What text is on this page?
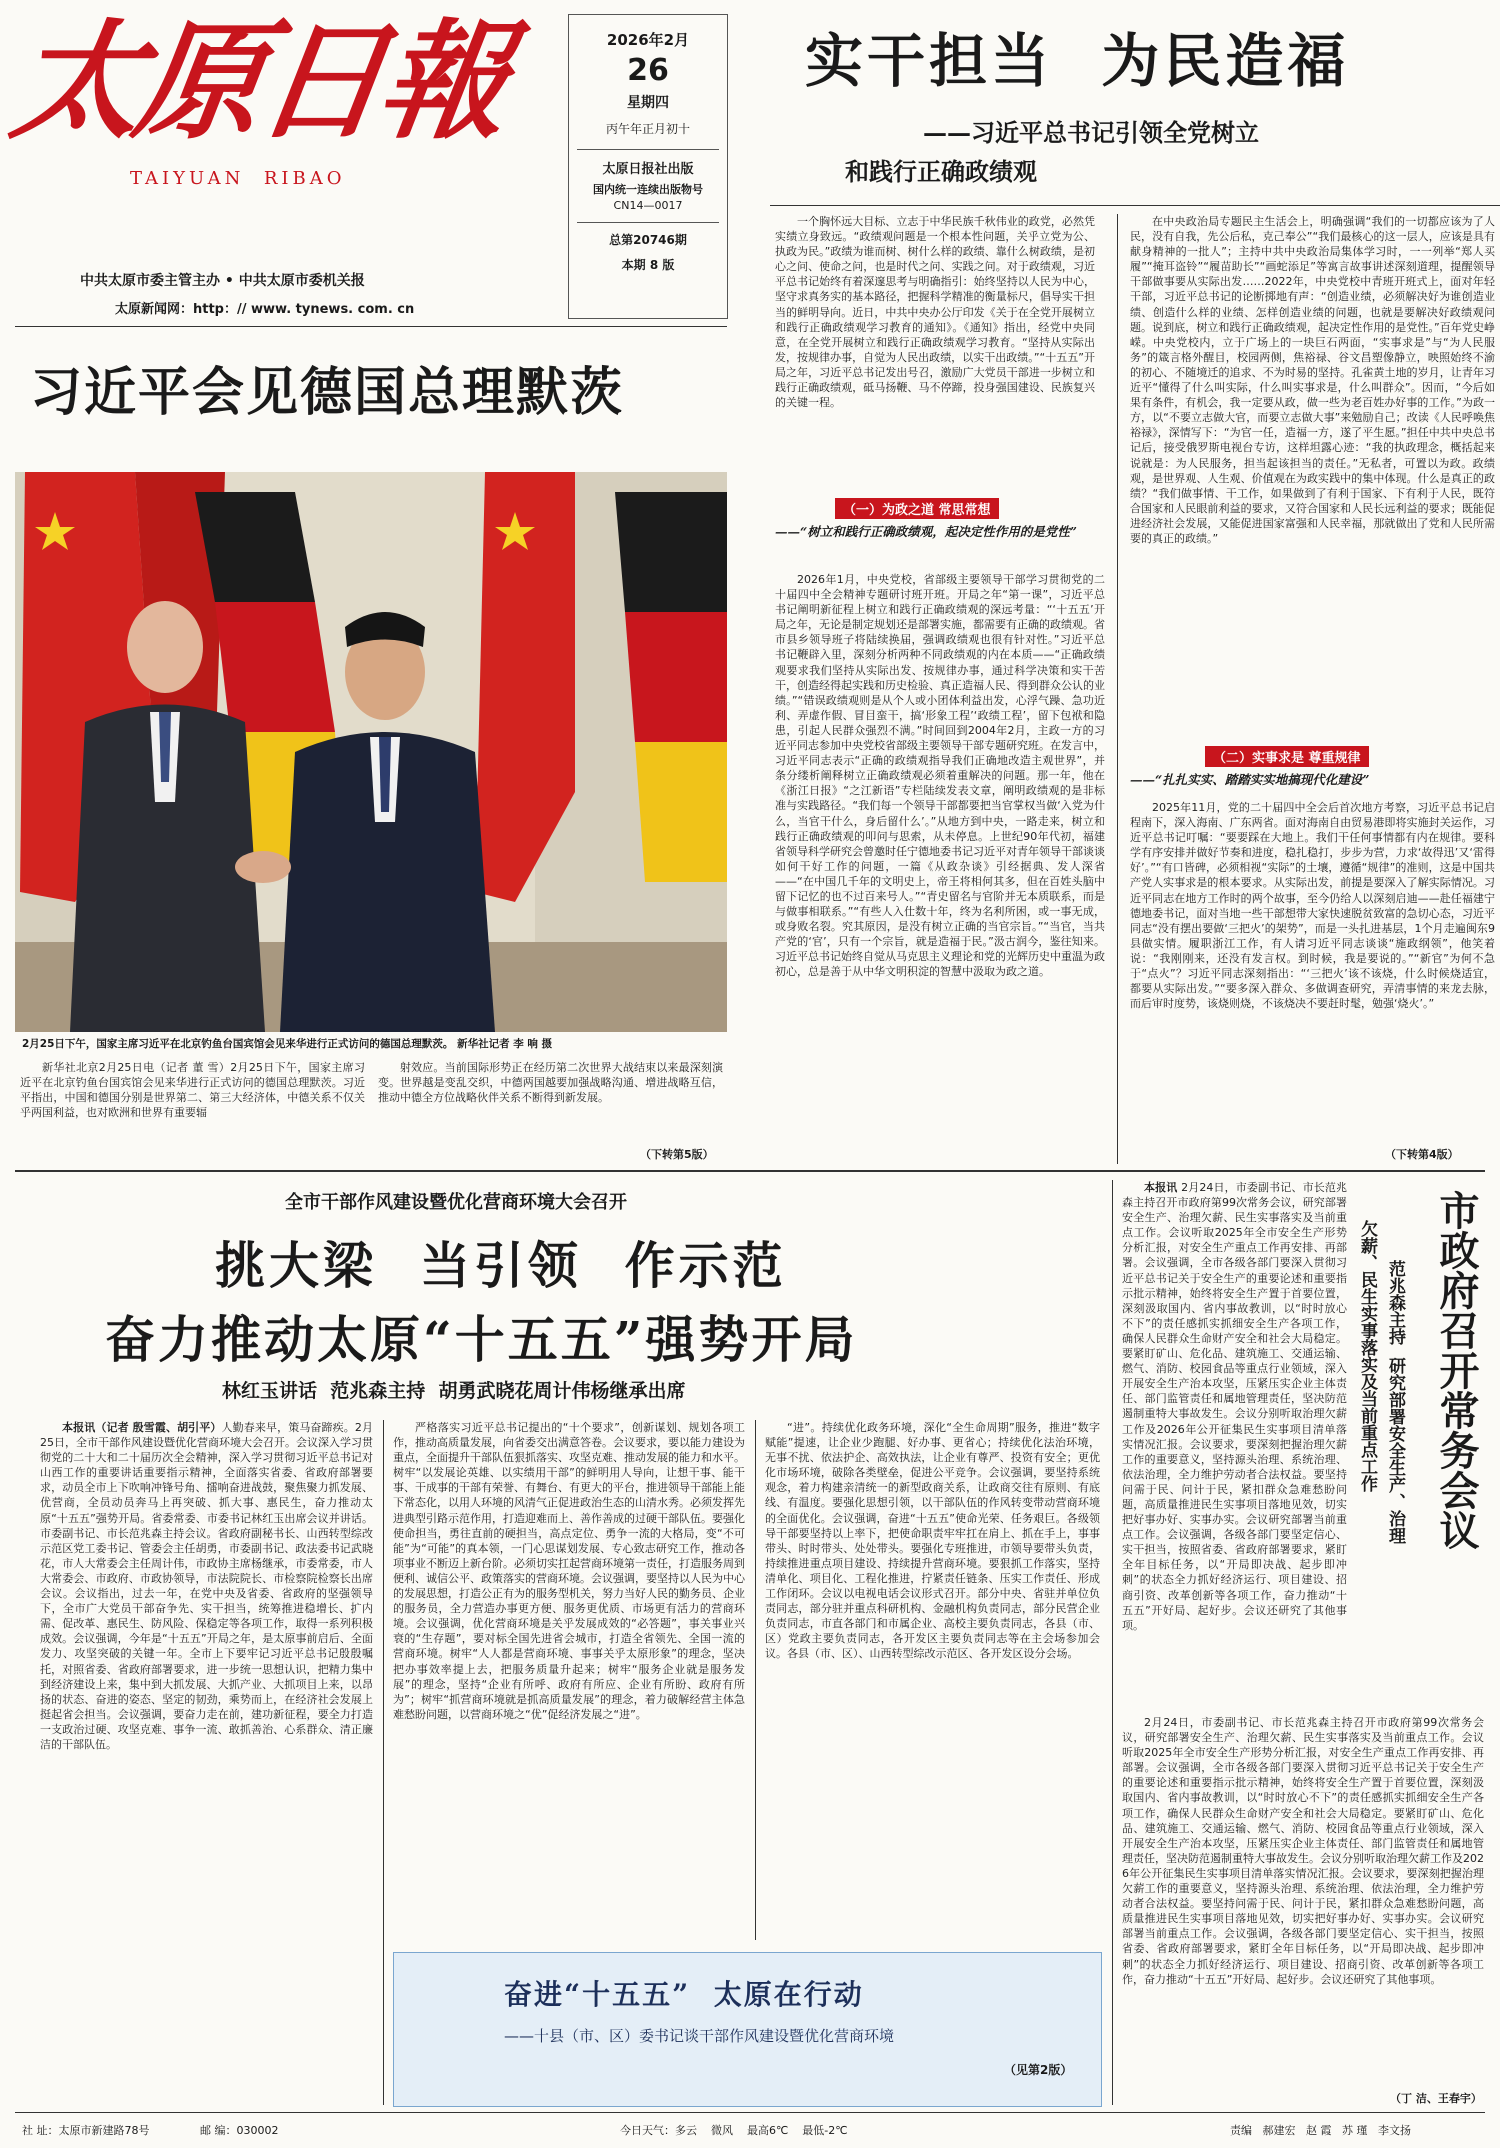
太原日報
TAIYUAN  RIBAO
中共太原市委主管主办 • 中共太原市委机关报
太原新闻网：http：// www. tynews. com. cn
2026年2月
26
星期四
丙午年正月初十
太原日报社出版
国内统一连续出版物号
CN14—0017
总第20746期
本期 8 版
实干担当  为民造福
——习近平总书记引领全党树立
和践行正确政绩观

一个胸怀远大目标、立志于中华民族千秋伟业的政党，必然凭实绩立身致远。“政绩观问题是一个根本性问题，关乎立党为公、执政为民。”政绩为谁而树、树什么样的政绩、靠什么树政绩，是初心之问、使命之问，也是时代之问、实践之问。对于政绩观，习近平总书记始终有着深邃思考与明确指引：始终坚持以人民为中心，坚守求真务实的基本路径，把握科学精准的衡量标尺，倡导实干担当的鲜明导向。近日，中共中央办公厅印发《关于在全党开展树立和践行正确政绩观学习教育的通知》。《通知》指出，经党中央同意，在全党开展树立和践行正确政绩观学习教育。“坚持从实际出发，按规律办事，自觉为人民出政绩，以实干出政绩。”“十五五”开局之年，习近平总书记发出号召，激励广大党员干部进一步树立和践行正确政绩观，砥马扬鞭、马不停蹄，投身强国建设、民族复兴的关键一程。

（一）为政之道 常思常想
——“树立和践行正确政绩观，起决定性作用的是党性”

2026年1月，中央党校，省部级主要领导干部学习贯彻党的二十届四中全会精神专题研讨班开班。开局之年“第一课”，习近平总书记阐明新征程上树立和践行正确政绩观的深远考量：“‘十五五’开局之年，无论是制定规划还是部署实施，都需要有正确的政绩观。省市县乡领导班子将陆续换届，强调政绩观也很有针对性。”习近平总书记鞭辟入里，深刻分析两种不同政绩观的内在本质——“正确政绩观要求我们坚持从实际出发、按规律办事，通过科学决策和实干苦干，创造经得起实践和历史检验、真正造福人民、得到群众公认的业绩。”“错误政绩观则是从个人或小团体利益出发，心浮气躁、急功近利、弄虚作假、冒目蛮干，搞‘形象工程’‘政绩工程’，留下包袱和隐患，引起人民群众强烈不满。”时间回到2004年2月，主政一方的习近平同志参加中央党校省部级主要领导干部专题研究班。在发言中，习近平同志表示“正确的政绩观指导我们正确地改造主观世界”，并条分缕析阐释树立正确政绩观必须着重解决的问题。那一年，他在《浙江日报》“之江新语”专栏陆续发表文章，阐明政绩观的是非标准与实践路径。“我们每一个领导干部都要把当官掌权当做‘入党为什么，当官干什么，身后留什么’。”从地方到中央，一路走来，树立和践行正确政绩观的叩问与思索，从未停息。上世纪90年代初，福建省领导科学研究会曾邀时任宁德地委书记习近平对青年领导干部谈谈如何干好工作的问题，一篇《从政杂谈》引经据典、发人深省——“在中国几千年的文明史上，帝王将相何其多，但在百姓头脑中留下记忆的也不过百来号人。”“青史留名与官阶并无本质联系，而是与做事相联系。”“有些人入仕数十年，终为名利所困，或一事无成，或身败名裂。究其原因，是没有树立正确的当官宗旨。”“当官，当共产党的‘官’，只有一个宗旨，就是造福于民。”汲古润今，鉴往知来。习近平总书记始终自觉从马克思主义理论和党的光辉历史中重温为政初心，总是善于从中华文明积淀的智慧中汲取为政之道。

在中央政治局专题民主生活会上，明确强调“我们的一切都应该为了人民，没有自我，先公后私，克己奉公”“我们最核心的这一层人，应该是具有献身精神的一批人”；主持中共中央政治局集体学习时，一一列举“郑人买履”“掩耳盗铃”“履苗助长”“画蛇添足”等寓言故事讲述深刻道理，提醒领导干部做事要从实际出发……2022年，中央党校中青班开班式上，面对年轻干部，习近平总书记的论断掷地有声：“创造业绩，必须解决好为谁创造业绩、创造什么样的业绩、怎样创造业绩的问题，也就是要解决好政绩观问题。说到底，树立和践行正确政绩观，起决定性作用的是党性。”百年党史峥嵘。中央党校内，立于广场上的一块巨石两面，“实事求是”与“为人民服务”的箴言格外醒目，校园两侧，焦裕禄、谷文昌塑像静立，映照始终不渝的初心、不随境迁的追求、不为时易的坚持。孔雀黄土地的岁月，让青年习近平“懂得了什么叫实际，什么叫实事求是，什么叫群众”。因而，“今后如果有条件，有机会，我一定要从政，做一些为老百姓办好事的工作。”为政一方，以“不要立志做大官，而要立志做大事”来勉励自己；改读《人民呼唤焦裕禄》，深情写下：“为官一任，造福一方，遂了平生愿。”担任中共中央总书记后，接受俄罗斯电视台专访，这样坦露心迹：“我的执政理念，概括起来说就是：为人民服务，担当起该担当的责任。”无私者，可置以为政。政绩观，是世界观、人生观、价值观在为政实践中的集中体现。什么是真正的政绩？“我们做事情、干工作，如果做到了有利于国家、下有利于人民，既符合国家和人民眼前利益的要求，又符合国家和人民长远利益的要求；既能促进经济社会发展，又能促进国家富强和人民幸福，那就做出了党和人民所需要的真正的政绩。”

（二）实事求是 尊重规律
——“扎扎实实、踏踏实实地搞现代化建设”

2025年11月，党的二十届四中全会后首次地方考察，习近平总书记启程南下，深入海南、广东两省。面对海南自由贸易港即将实施封关运作，习近平总书记叮嘱：“要要踩在大地上。我们干任何事情都有内在规律。要科学有序安排并做好节奏和进度，稳扎稳打，步步为营，力求‘故得迅’又‘雷得好’。”“有口皆碑，必须相视“实际”的土壤，遵循“规律”的准则，这是中国共产党人实事求是的根本要求。从实际出发，前提是要深入了解实际情况。习近平同志在地方工作时的两个故事，至今仍给人以深刻启迪——赴任福建宁德地委书记，面对当地一些干部想带大家快速脱贫致富的急切心态，习近平同志“没有摆出要做‘三把火’的架势”，而是一头扎进基层，1个月走遍闽东9县做实情。履职浙江工作，有人请习近平同志谈谈“施政纲领”，他笑着说：“我刚刚来，还没有发言权。到时候，我是要说的。”“新官”为何不急于“点火”？习近平同志深刻指出：“‘三把火’该不该烧，什么时候烧适宜，都要从实际出发。”“要多深入群众、多做调查研究，弄清事情的来龙去脉，而后审时度势，该烧则烧，不该烧决不要赶时髦，勉强‘烧火’。”

（下转第4版）
习近平会见德国总理默茨
2月25日下午，国家主席习近平在北京钓鱼台国宾馆会见来华进行正式访问的德国总理默茨。 新华社记者 李 响 摄

新华社北京2月25日电（记者 董 雪）2月25日下午，国家主席习近平在北京钓鱼台国宾馆会见来华进行正式访问的德国总理默茨。习近平指出，中国和德国分别是世界第二、第三大经济体，中德关系不仅关乎两国利益，也对欧洲和世界有重要辐

射效应。当前国际形势正在经历第二次世界大战结束以来最深刻演变。世界越是变乱交织，中德两国越要加强战略沟通、增进战略互信，推动中德全方位战略伙伴关系不断得到新发展。

（下转第5版）
全市干部作风建设暨优化营商环境大会召开
挑大梁  当引领  作示范
奋力推动太原“十五五”强势开局
林红玉讲话  范兆森主持  胡勇武晓花周计伟杨继承出席

本报讯（记者 殷雪霞、胡引平）人勤春来早，策马奋蹄疾。2月25日，全市干部作风建设暨优化营商环境大会召开。会议深入学习贯彻党的二十大和二十届历次全会精神，深入学习贯彻习近平总书记对山西工作的重要讲话重要指示精神，全面落实省委、省政府部署要求，动员全市上下吹响冲锋号角、擂响奋进战鼓，聚焦聚力抓发展、优营商，全员动员奔马上再突破、抓大事、惠民生，奋力推动太原“十五五”强势开局。省委常委、市委书记林红玉出席会议并讲话。市委副书记、市长范兆森主持会议。省政府副秘书长、山西转型综改示范区党工委书记、管委会主任胡勇，市委副书记、政法委书记武晓花，市人大常委会主任周计伟，市政协主席杨继承，市委常委，市人大常委会、市政府、市政协领导，市法院院长、市检察院检察长出席会议。会议指出，过去一年，在党中央及省委、省政府的坚强领导下，全市广大党员干部奋争先、实干担当，统筹推进稳增长、扩内需、促改革、惠民生、防风险、保稳定等各项工作，取得一系列积极成效。会议强调，今年是“十五五”开局之年，是太原事前启后、全面发力、攻坚突破的关键一年。全市上下要牢记习近平总书记殷殷嘱托，对照省委、省政府部署要求，进一步统一思想认识，把精力集中到经济建设上来，集中到大抓发展、大抓产业、大抓项目上来，以昂扬的状态、奋进的姿态、坚定的韧劲，乘势而上，在经济社会发展上挺起省会担当。会议强调，要奋力走在前，建功新征程，要全力打造一支政治过硬、攻坚克难、事争一流、敢抓善治、心系群众、清正廉洁的干部队伍。

严格落实习近平总书记提出的“十个要求”，创新谋划、规划各项工作，推动高质量发展，向省委交出满意答卷。会议要求，要以能力建设为重点，全面提升干部队伍狠抓落实、攻坚克难、推动发展的能力和水平。树牢“以发展论英雄、以实绩用干部”的鲜明用人导向，让想干事、能干事、干成事的干部有荣誉、有舞台、有更大的平台，推进领导干部能上能下常态化，以用人环境的风清气正促进政治生态的山清水秀。必须发挥先进典型引路示范作用，打造迎难而上、善作善成的过硬干部队伍。要强化使命担当，勇往直前的硬担当，高点定位、勇争一流的大格局，变“不可能”为“可能”的真本领，一门心思谋划发展、专心致志研究工作，推动各项事业不断迈上新台阶。必须切实扛起营商环境第一责任，打造服务周到便利、诚信公平、政策落实的营商环境。会议强调，要坚持以人民为中心的发展思想，打造公正有为的服务型机关，努力当好人民的勤务员、企业的服务员，全力营造办事更方便、服务更优质、市场更有活力的营商环境。会议强调，优化营商环境是关乎发展成效的“必答题”，事关事业兴衰的“生存题”，要对标全国先进省会城市，打造全省领先、全国一流的营商环境。树牢“人人都是营商环境、事事关乎太原形象”的理念，坚决把办事效率提上去，把服务质量升起来；树牢“服务企业就是服务发展”的理念，坚持“企业有所呼、政府有所应、企业有所盼、政府有所为”；树牢“抓营商环境就是抓高质量发展”的理念，着力破解经营主体急难愁盼问题，以营商环境之“优”促经济发展之“进”。

“进”。持续优化政务环境，深化“全生命周期”服务，推进“数字赋能”提速，让企业少跑腿、好办事、更省心；持续优化法治环境，无事不扰、依法护企、高效执法，让企业有尊严、投资有安全；更优化市场环境，破除各类壁垒，促进公平竞争。会议强调，要坚持系统观念，着力构建亲清统一的新型政商关系，让政商交往有原则、有底线、有温度。要强化思想引领，以干部队伍的作风转变带动营商环境的全面优化。会议强调，奋进“十五五”使命光荣、任务艰巨。各级领导干部要坚持以上率下，把使命职责牢牢扛在肩上、抓在手上，事事带头、时时带头、处处带头。要强化专班推进，市领导要带头负责，持续推进重点项目建设、持续提升营商环境。要狠抓工作落实，坚持清单化、项目化、工程化推进，拧紧责任链条、压实工作责任、形成工作闭环。会议以电视电话会议形式召开。部分中央、省驻并单位负责同志，部分驻并重点科研机构、金融机构负责同志，部分民营企业负责同志，市直各部门和市属企业、高校主要负责同志，各县（市、区）党政主要负责同志，各开发区主要负责同志等在主会场参加会议。各县（市、区）、山西转型综改示范区、各开发区设分会场。

奋进“十五五”  太原在行动
——十县（市、区）委书记谈干部作风建设暨优化营商环境
（见第2版）
市政府召开常务会议
范兆森主持  研究部署安全生产、治理
欠薪、民生实事落实及当前重点工作

本报讯 2月24日，市委副书记、市长范兆森主持召开市政府第99次常务会议，研究部署安全生产、治理欠薪、民生实事落实及当前重点工作。会议听取2025年全市安全生产形势分析汇报，对安全生产重点工作再安排、再部署。会议强调，全市各级各部门要深入贯彻习近平总书记关于安全生产的重要论述和重要指示批示精神，始终将安全生产置于首要位置，深刻汲取国内、省内事故教训，以“时时放心不下”的责任感抓实抓细安全生产各项工作，确保人民群众生命财产安全和社会大局稳定。要紧盯矿山、危化品、建筑施工、交通运输、燃气、消防、校园食品等重点行业领域，深入开展安全生产治本攻坚，压紧压实企业主体责任、部门监管责任和属地管理责任，坚决防范遏制重特大事故发生。会议分别听取治理欠薪工作及2026年公开征集民生实事项目清单落实情况汇报。会议要求，要深刻把握治理欠薪工作的重要意义，坚持源头治理、系统治理、依法治理，全力维护劳动者合法权益。要坚持问需于民、问计于民，紧扣群众急难愁盼问题，高质量推进民生实事项目落地见效，切实把好事办好、实事办实。会议研究部署当前重点工作。会议强调，各级各部门要坚定信心、实干担当，按照省委、省政府部署要求，紧盯全年目标任务，以“开局即决战、起步即冲刺”的状态全力抓好经济运行、项目建设、招商引资、改革创新等各项工作，奋力推动“十五五”开好局、起好步。会议还研究了其他事项。

2月24日，市委副书记、市长范兆森主持召开市政府第99次常务会议，研究部署安全生产、治理欠薪、民生实事落实及当前重点工作。会议听取2025年全市安全生产形势分析汇报，对安全生产重点工作再安排、再部署。会议强调，全市各级各部门要深入贯彻习近平总书记关于安全生产的重要论述和重要指示批示精神，始终将安全生产置于首要位置，深刻汲取国内、省内事故教训，以“时时放心不下”的责任感抓实抓细安全生产各项工作，确保人民群众生命财产安全和社会大局稳定。要紧盯矿山、危化品、建筑施工、交通运输、燃气、消防、校园食品等重点行业领域，深入开展安全生产治本攻坚，压紧压实企业主体责任、部门监管责任和属地管理责任，坚决防范遏制重特大事故发生。会议分别听取治理欠薪工作及2026年公开征集民生实事项目清单落实情况汇报。会议要求，要深刻把握治理欠薪工作的重要意义，坚持源头治理、系统治理、依法治理，全力维护劳动者合法权益。要坚持问需于民、问计于民，紧扣群众急难愁盼问题，高质量推进民生实事项目落地见效，切实把好事办好、实事办实。会议研究部署当前重点工作。会议强调，各级各部门要坚定信心、实干担当，按照省委、省政府部署要求，紧盯全年目标任务，以“开局即决战、起步即冲刺”的状态全力抓好经济运行、项目建设、招商引资、改革创新等各项工作，奋力推动“十五五”开好局、起好步。会议还研究了其他事项。

（丁 洁、王春宇）
社 址：太原市新建路78号	邮 编：030002	今日天气：多云    微风    最高6℃    最低-2℃	责编   郝建宏   赵 霞   苏 瑾   李文扬
